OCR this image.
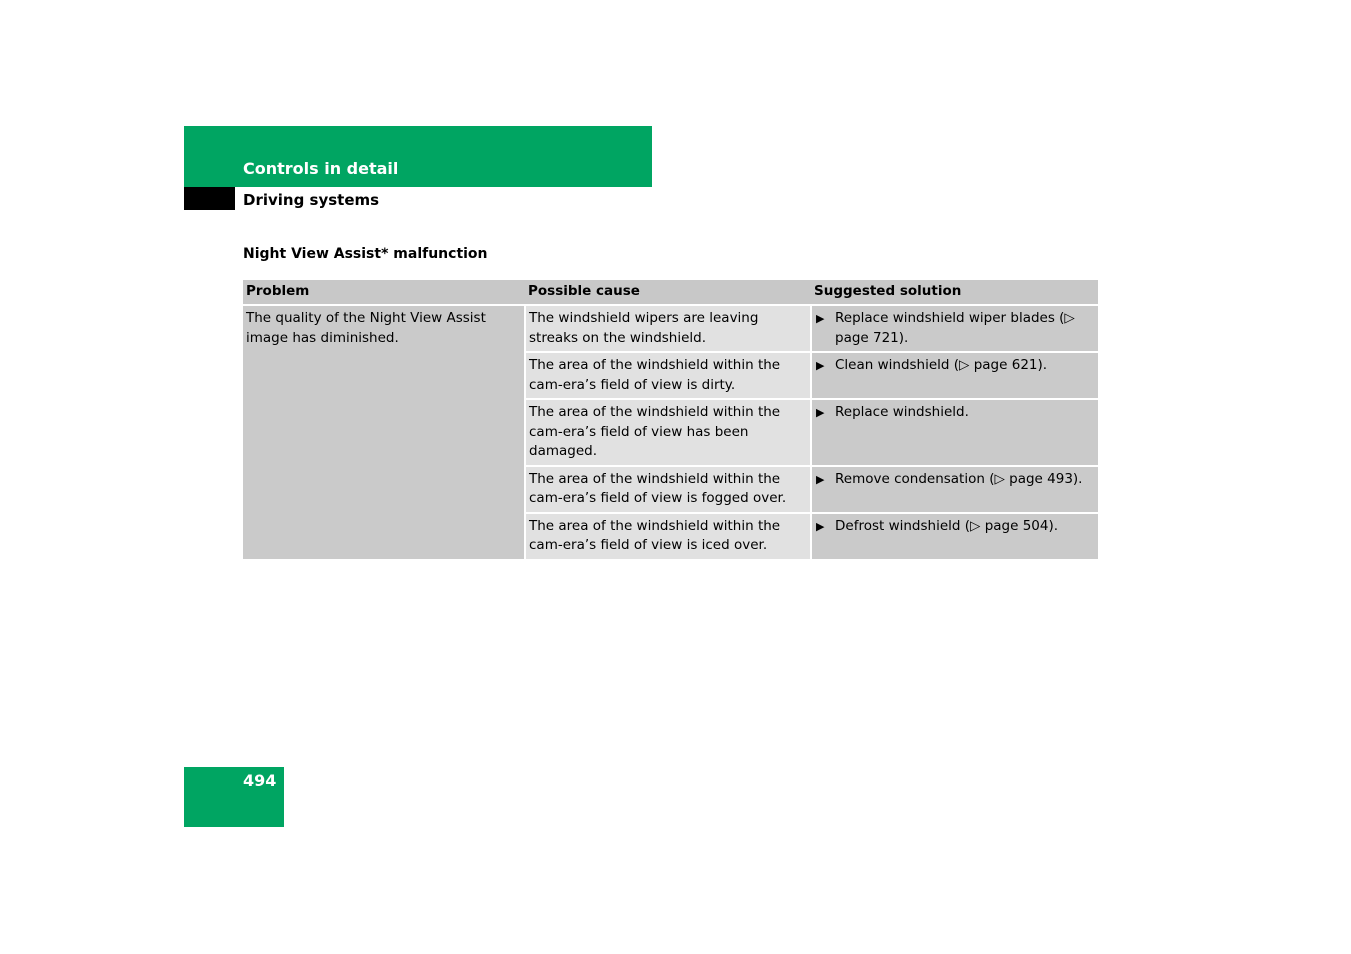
Controls in detail
Driving systems
Night View Assist* malfunction
Problem	Possible cause	Suggested solution
The quality of the Night View Assist image has diminished.	The windshield wipers are leaving streaks on the windshield.	▶ Replace windshield wiper blades (▷ page 721).

	The area of the windshield within the cam-era’s field of view is dirty.	▶ Clean windshield (▷ page 621).

	The area of the windshield within the cam-era’s field of view has been damaged.	▶ Replace windshield.

	The area of the windshield within the cam-era’s field of view is fogged over.	▶ Remove condensation (▷ page 493).

	The area of the windshield within the cam-era’s field of view is iced over.	▶ Defrost windshield (▷ page 504).
494
